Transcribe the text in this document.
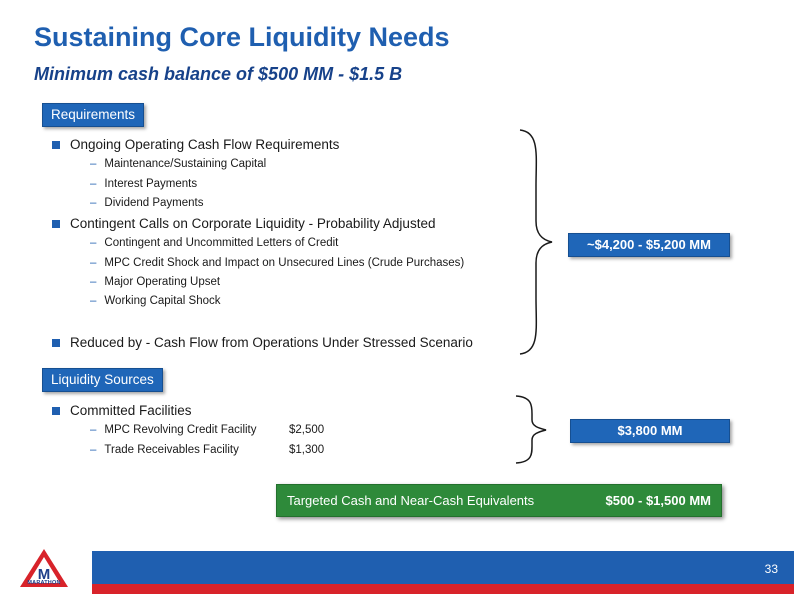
Sustaining Core Liquidity Needs
Minimum cash balance of $500 MM - $1.5 B
Requirements
Ongoing Operating Cash Flow Requirements
– Maintenance/Sustaining Capital
– Interest Payments
– Dividend Payments
Contingent Calls on Corporate Liquidity - Probability Adjusted
– Contingent and Uncommitted Letters of Credit
– MPC Credit Shock and Impact on Unsecured Lines (Crude Purchases)
– Major Operating Upset
– Working Capital Shock
Reduced by - Cash Flow from Operations Under Stressed Scenario
~$4,200 - $5,200 MM
Liquidity Sources
Committed Facilities
– MPC Revolving Credit Facility	$2,500
– Trade Receivables Facility	$1,300
$3,800 MM
Targeted Cash and Near-Cash Equivalents	$500 - $1,500 MM
M
MARATHON
33
